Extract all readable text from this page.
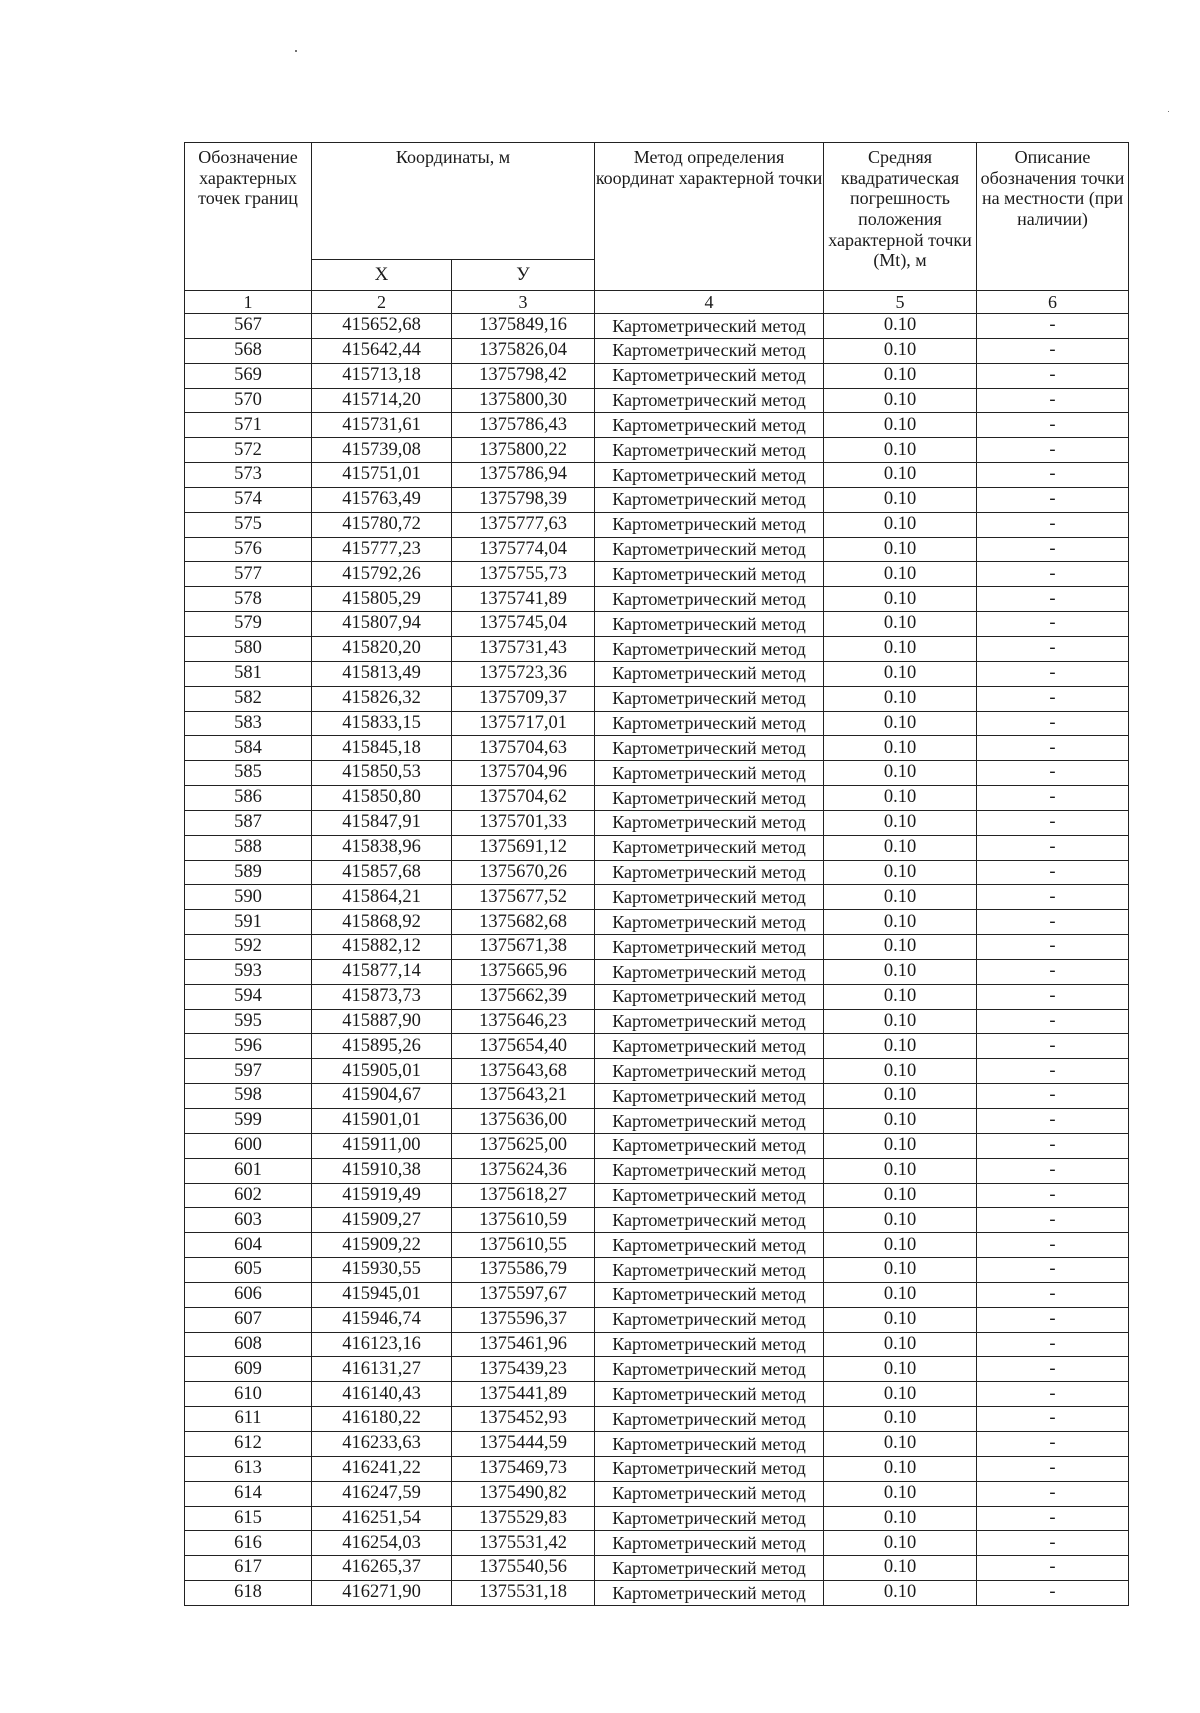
Обозначение характерных точек границ	Координаты, м		Метод определения координат характерной точки	Средняя квадратическая погрешность положения характерной точки (Mt), м	Описание обозначения точки на местности (при наличии)
	Х	У			
1	2	3	4	5	6
567	415652,68	1375849,16	Картометрический метод	0.10	-
568	415642,44	1375826,04	Картометрический метод	0.10	-
569	415713,18	1375798,42	Картометрический метод	0.10	-
570	415714,20	1375800,30	Картометрический метод	0.10	-
571	415731,61	1375786,43	Картометрический метод	0.10	-
572	415739,08	1375800,22	Картометрический метод	0.10	-
573	415751,01	1375786,94	Картометрический метод	0.10	-
574	415763,49	1375798,39	Картометрический метод	0.10	-
575	415780,72	1375777,63	Картометрический метод	0.10	-
576	415777,23	1375774,04	Картометрический метод	0.10	-
577	415792,26	1375755,73	Картометрический метод	0.10	-
578	415805,29	1375741,89	Картометрический метод	0.10	-
579	415807,94	1375745,04	Картометрический метод	0.10	-
580	415820,20	1375731,43	Картометрический метод	0.10	-
581	415813,49	1375723,36	Картометрический метод	0.10	-
582	415826,32	1375709,37	Картометрический метод	0.10	-
583	415833,15	1375717,01	Картометрический метод	0.10	-
584	415845,18	1375704,63	Картометрический метод	0.10	-
585	415850,53	1375704,96	Картометрический метод	0.10	-
586	415850,80	1375704,62	Картометрический метод	0.10	-
587	415847,91	1375701,33	Картометрический метод	0.10	-
588	415838,96	1375691,12	Картометрический метод	0.10	-
589	415857,68	1375670,26	Картометрический метод	0.10	-
590	415864,21	1375677,52	Картометрический метод	0.10	-
591	415868,92	1375682,68	Картометрический метод	0.10	-
592	415882,12	1375671,38	Картометрический метод	0.10	-
593	415877,14	1375665,96	Картометрический метод	0.10	-
594	415873,73	1375662,39	Картометрический метод	0.10	-
595	415887,90	1375646,23	Картометрический метод	0.10	-
596	415895,26	1375654,40	Картометрический метод	0.10	-
597	415905,01	1375643,68	Картометрический метод	0.10	-
598	415904,67	1375643,21	Картометрический метод	0.10	-
599	415901,01	1375636,00	Картометрический метод	0.10	-
600	415911,00	1375625,00	Картометрический метод	0.10	-
601	415910,38	1375624,36	Картометрический метод	0.10	-
602	415919,49	1375618,27	Картометрический метод	0.10	-
603	415909,27	1375610,59	Картометрический метод	0.10	-
604	415909,22	1375610,55	Картометрический метод	0.10	-
605	415930,55	1375586,79	Картометрический метод	0.10	-
606	415945,01	1375597,67	Картометрический метод	0.10	-
607	415946,74	1375596,37	Картометрический метод	0.10	-
608	416123,16	1375461,96	Картометрический метод	0.10	-
609	416131,27	1375439,23	Картометрический метод	0.10	-
610	416140,43	1375441,89	Картометрический метод	0.10	-
611	416180,22	1375452,93	Картометрический метод	0.10	-
612	416233,63	1375444,59	Картометрический метод	0.10	-
613	416241,22	1375469,73	Картометрический метод	0.10	-
614	416247,59	1375490,82	Картометрический метод	0.10	-
615	416251,54	1375529,83	Картометрический метод	0.10	-
616	416254,03	1375531,42	Картометрический метод	0.10	-
617	416265,37	1375540,56	Картометрический метод	0.10	-
618	416271,90	1375531,18	Картометрический метод	0.10	-
